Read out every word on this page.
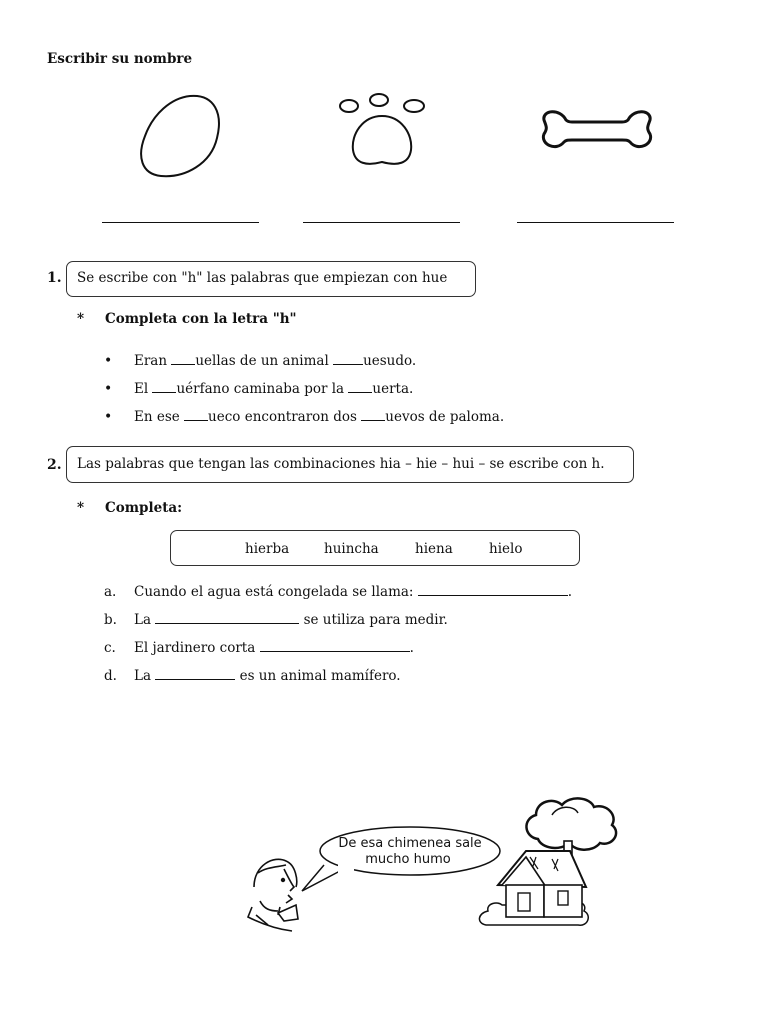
Escribir su nombre
1. Se escribe con "h" las palabras que empiezan con hue
* Completa con la letra "h"
• Eran uellas de un animal uesudo.
• El uérfano caminaba por la uerta.
• En ese ueco encontraron dos uevos de paloma.
2. Las palabras que tengan las combinaciones hia – hie – hui – se escribe con h.
* Completa:
hierba	huincha	hiena	hielo
a. Cuando el agua está congelada se llama:	.
b. La	se utiliza para medir.
c. El jardinero corta	.
d. La	es un animal mamífero.
De esa chimenea sale
mucho humo
